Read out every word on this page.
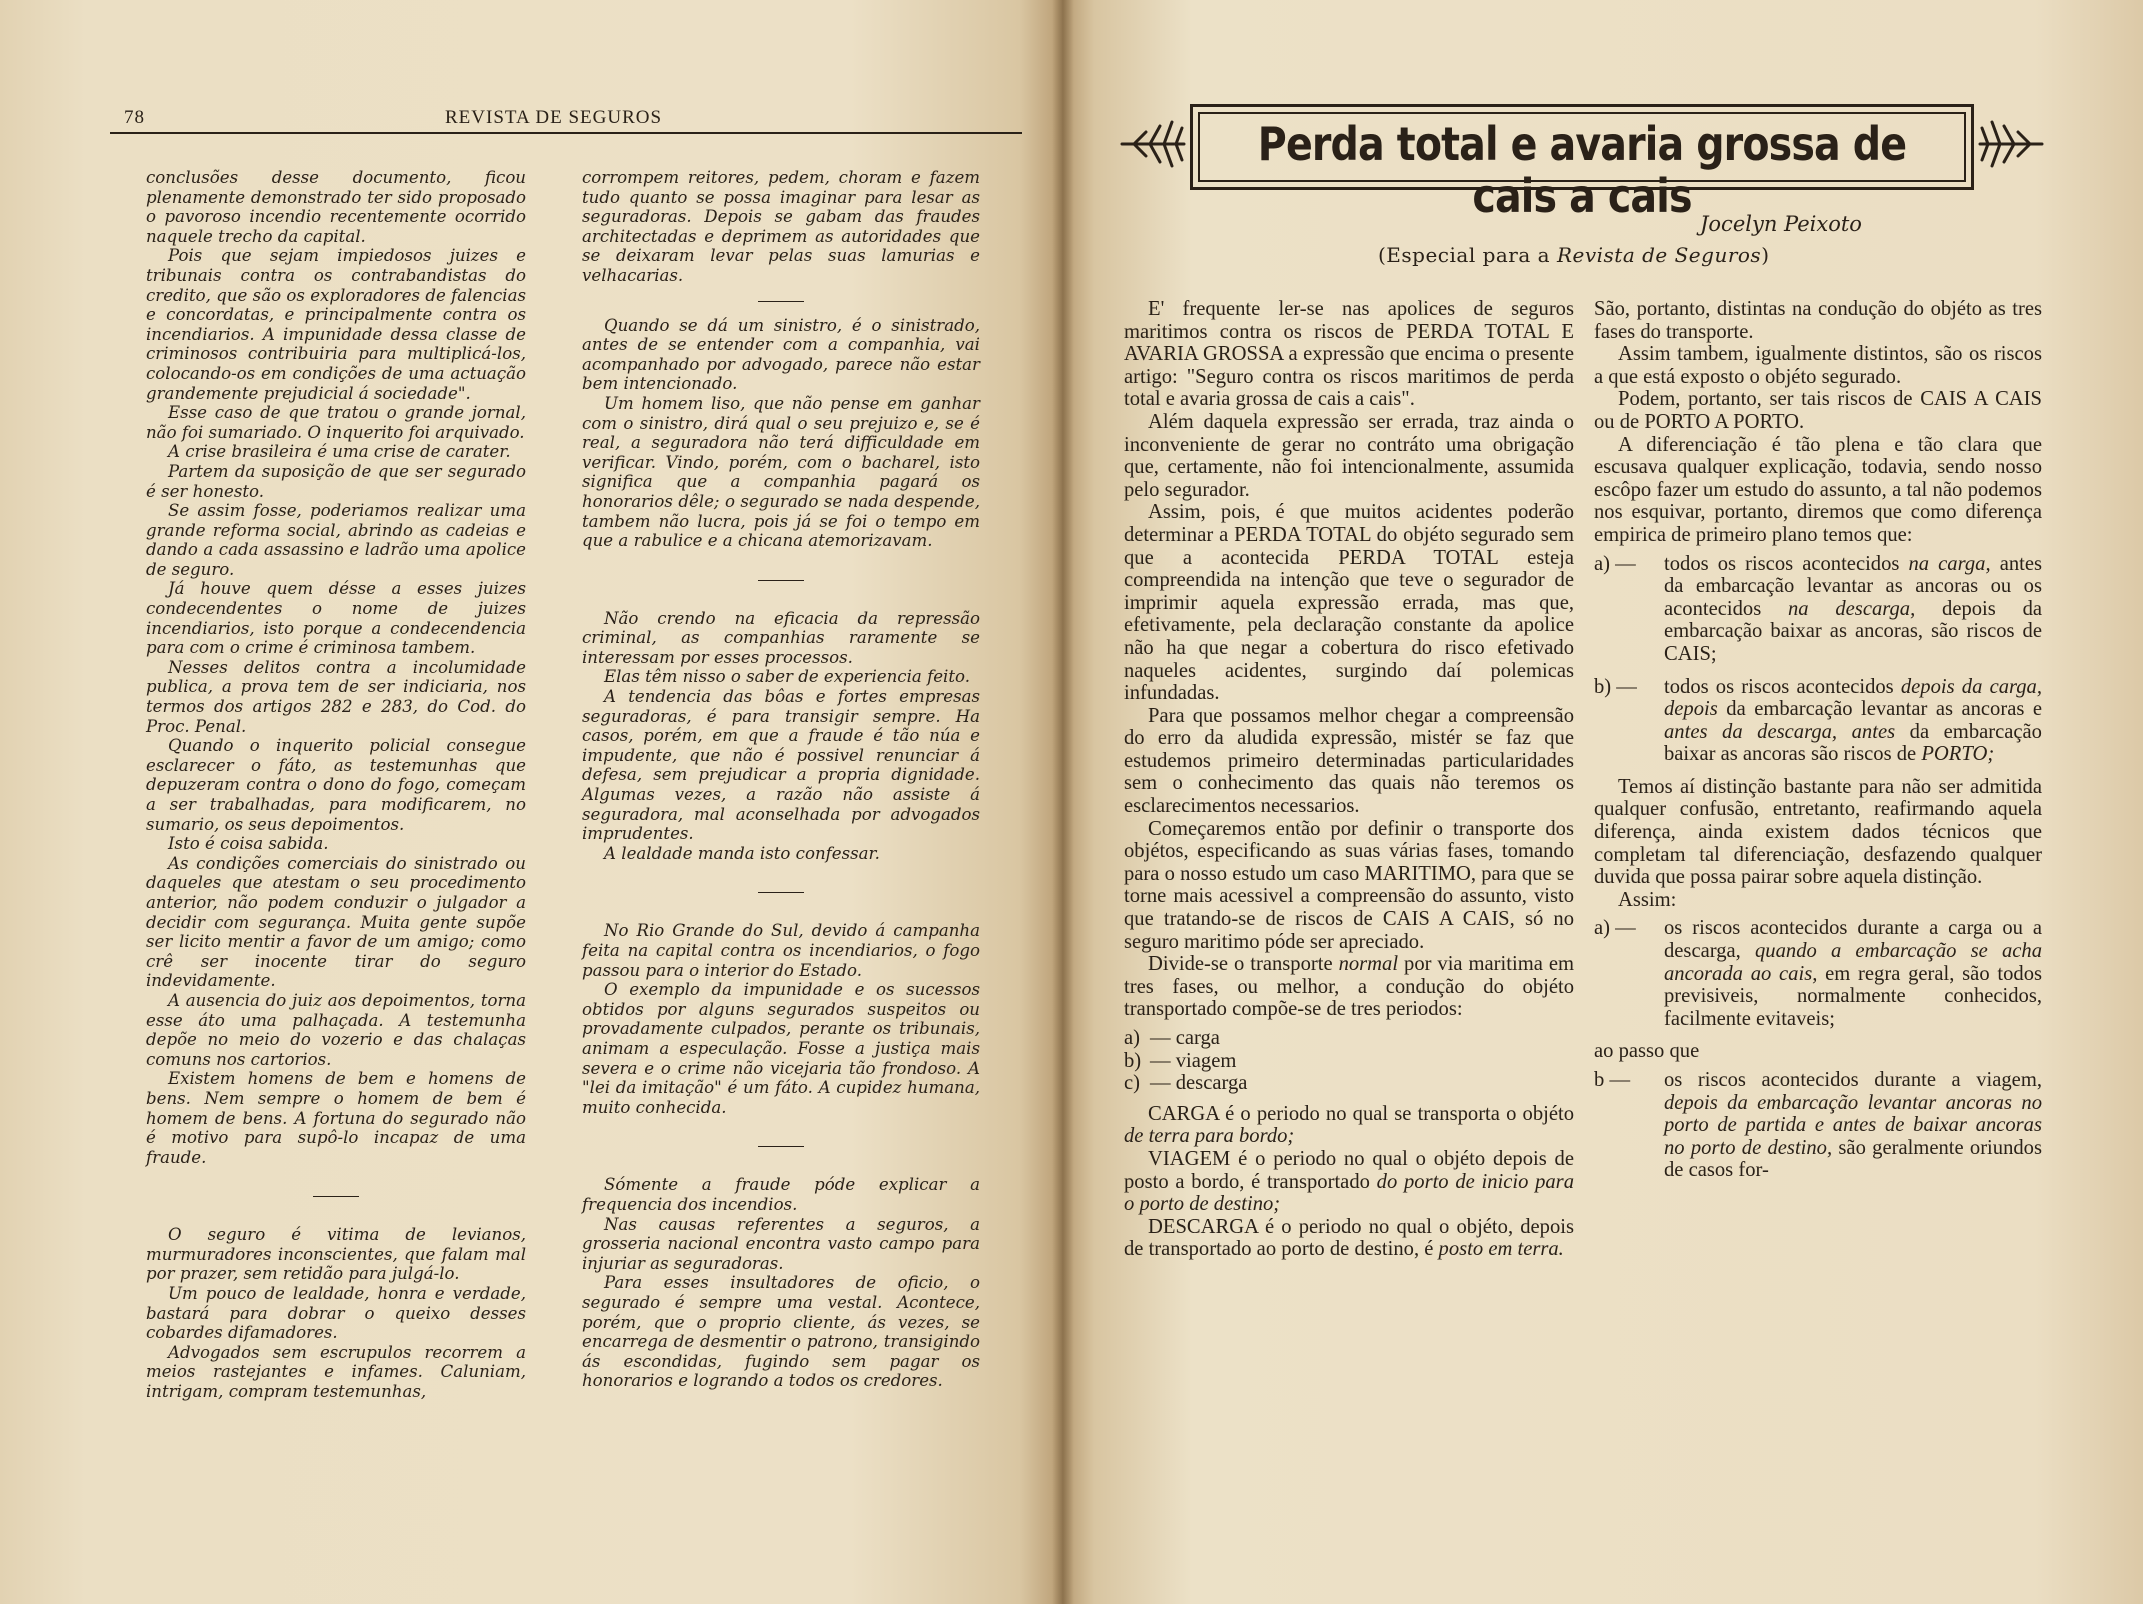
78	REVISTA DE SEGUROS

conclusões desse documento, ficou plenamente demonstrado ter sido proposado o pavoroso incendio recentemente ocorrido naquele trecho da capital.

Pois que sejam impiedosos juizes e tribunais contra os contrabandistas do credito, que são os exploradores de falencias e concordatas, e principalmente contra os incendiarios. A impunidade dessa classe de criminosos contribuiria para multiplicá-los, colocando-os em condições de uma actuação grandemente prejudicial á sociedade".

Esse caso de que tratou o grande jornal, não foi sumariado. O inquerito foi arquivado.

A crise brasileira é uma crise de carater.

Partem da suposição de que ser segurado é ser honesto.

Se assim fosse, poderiamos realizar uma grande reforma social, abrindo as cadeias e dando a cada assassino e ladrão uma apolice de seguro.

Já houve quem désse a esses juizes condecendentes o nome de juizes incendiarios, isto porque a condecendencia para com o crime é criminosa tambem.

Nesses delitos contra a incolumidade publica, a prova tem de ser indiciaria, nos termos dos artigos 282 e 283, do Cod. do Proc. Penal.

Quando o inquerito policial consegue esclarecer o fáto, as testemunhas que depuzeram contra o dono do fogo, começam a ser trabalhadas, para modificarem, no sumario, os seus depoimentos.

Isto é coisa sabida.

As condições comerciais do sinistrado ou daqueles que atestam o seu procedimento anterior, não podem conduzir o julgador a decidir com segurança. Muita gente supõe ser licito mentir a favor de um amigo; como crê ser inocente tirar do seguro indevidamente.

A ausencia do juiz aos depoimentos, torna esse áto uma palhaçada. A testemunha depõe no meio do vozerio e das chalaças comuns nos cartorios.

Existem homens de bem e homens de bens. Nem sempre o homem de bem é homem de bens. A fortuna do segurado não é motivo para supô-lo incapaz de uma fraude.

O seguro é vitima de levianos, murmuradores inconscientes, que falam mal por prazer, sem retidão para julgá-lo.

Um pouco de lealdade, honra e verdade, bastará para dobrar o queixo desses cobardes difamadores.

Advogados sem escrupulos recorrem a meios rastejantes e infames. Caluniam, intrigam, compram testemunhas,

corrompem reitores, pedem, choram e fazem tudo quanto se possa imaginar para lesar as seguradoras. Depois se gabam das fraudes architectadas e deprimem as autoridades que se deixaram levar pelas suas lamurias e velhacarias.

Quando se dá um sinistro, é o sinistrado, antes de se entender com a companhia, vai acompanhado por advogado, parece não estar bem intencionado.

Um homem liso, que não pense em ganhar com o sinistro, dirá qual o seu prejuizo e, se é real, a seguradora não terá difficuldade em verificar. Vindo, porém, com o bacharel, isto significa que a companhia pagará os honorarios dêle; o segurado se nada despende, tambem não lucra, pois já se foi o tempo em que a rabulice e a chicana atemorizavam.

Não crendo na eficacia da repressão criminal, as companhias raramente se interessam por esses processos.

Elas têm nisso o saber de experiencia feito.

A tendencia das bôas e fortes empresas seguradoras, é para transigir sempre. Ha casos, porém, em que a fraude é tão núa e impudente, que não é possivel renunciar á defesa, sem prejudicar a propria dignidade. Algumas vezes, a razão não assiste á seguradora, mal aconselhada por advogados imprudentes.

A lealdade manda isto confessar.

No Rio Grande do Sul, devido á campanha feita na capital contra os incendiarios, o fogo passou para o interior do Estado.

O exemplo da impunidade e os sucessos obtidos por alguns segurados suspeitos ou provadamente culpados, perante os tribunais, animam a especulação. Fosse a justiça mais severa e o crime não vicejaria tão frondoso. A "lei da imitação" é um fáto. A cupidez humana, muito conhecida.

Sómente a fraude póde explicar a frequencia dos incendios.

Nas causas referentes a seguros, a grosseria nacional encontra vasto campo para injuriar as seguradoras.

Para esses insultadores de oficio, o segurado é sempre uma vestal. Acontece, porém, que o proprio cliente, ás vezes, se encarrega de desmentir o patrono, transigindo ás escondidas, fugindo sem pagar os honorarios e logrando a todos os credores.

Perda total e avaria grossa de cais a cais
Jocelyn Peixoto
(Especial para a Revista de Seguros)

E' frequente ler-se nas apolices de seguros maritimos contra os riscos de PERDA TOTAL E AVARIA GROSSA a expressão que encima o presente artigo: "Seguro contra os riscos maritimos de perda total e avaria grossa de cais a cais".

Além daquela expressão ser errada, traz ainda o inconveniente de gerar no contráto uma obrigação que, certamente, não foi intencionalmente, assumida pelo segurador.

Assim, pois, é que muitos acidentes poderão determinar a PERDA TOTAL do objéto segurado sem que a acontecida PERDA TOTAL esteja compreendida na intenção que teve o segurador de imprimir aquela expressão errada, mas que, efetivamente, pela declaração constante da apolice não ha que negar a cobertura do risco efetivado naqueles acidentes, surgindo daí polemicas infundadas.

Para que possamos melhor chegar a compreensão do erro da aludida expressão, mistér se faz que estudemos primeiro determinadas particularidades sem o conhecimento das quais não teremos os esclarecimentos necessarios.

Começaremos então por definir o transporte dos objétos, especificando as suas várias fases, tomando para o nosso estudo um caso MARITIMO, para que se torne mais acessivel a compreensão do assunto, visto que tratando-se de riscos de CAIS A CAIS, só no seguro maritimo póde ser apreciado.

Divide-se o transporte normal por via maritima em tres fases, ou melhor, a condução do objéto transportado compõe-se de tres periodos:

a) — carga
b) — viagem
c) — descarga

CARGA é o periodo no qual se transporta o objéto de terra para bordo;

VIAGEM é o periodo no qual o objéto depois de posto a bordo, é transportado do porto de inicio para o porto de destino;

DESCARGA é o periodo no qual o objéto, depois de transportado ao porto de destino, é posto em terra.

São, portanto, distintas na condução do objéto as tres fases do transporte.

Assim tambem, igualmente distintos, são os riscos a que está exposto o objéto segurado.

Podem, portanto, ser tais riscos de CAIS A CAIS ou de PORTO A PORTO.

A diferenciação é tão plena e tão clara que escusava qualquer explicação, todavia, sendo nosso escôpo fazer um estudo do assunto, a tal não podemos nos esquivar, portanto, diremos que como diferença empirica de primeiro plano temos que:

a) —	todos os riscos acontecidos na carga, antes da embarcação levantar as ancoras ou os acontecidos na descarga, depois da embarcação baixar as ancoras, são riscos de CAIS;
b) —	todos os riscos acontecidos depois da carga, depois da embarcação levantar as ancoras e antes da descarga, antes da embarcação baixar as ancoras são riscos de PORTO;

Temos aí distinção bastante para não ser admitida qualquer confusão, entretanto, reafirmando aquela diferença, ainda existem dados técnicos que completam tal diferenciação, desfazendo qualquer duvida que possa pairar sobre aquela distinção.

Assim:

a) —	os riscos acontecidos durante a carga ou a descarga, quando a embarcação se acha ancorada ao cais, em regra geral, são todos previsiveis, normalmente conhecidos, facilmente evitaveis;

ao passo que

b —	os riscos acontecidos durante a viagem, depois da embarcação levantar ancoras no porto de partida e antes de baixar ancoras no porto de destino, são geralmente oriundos de casos for-
